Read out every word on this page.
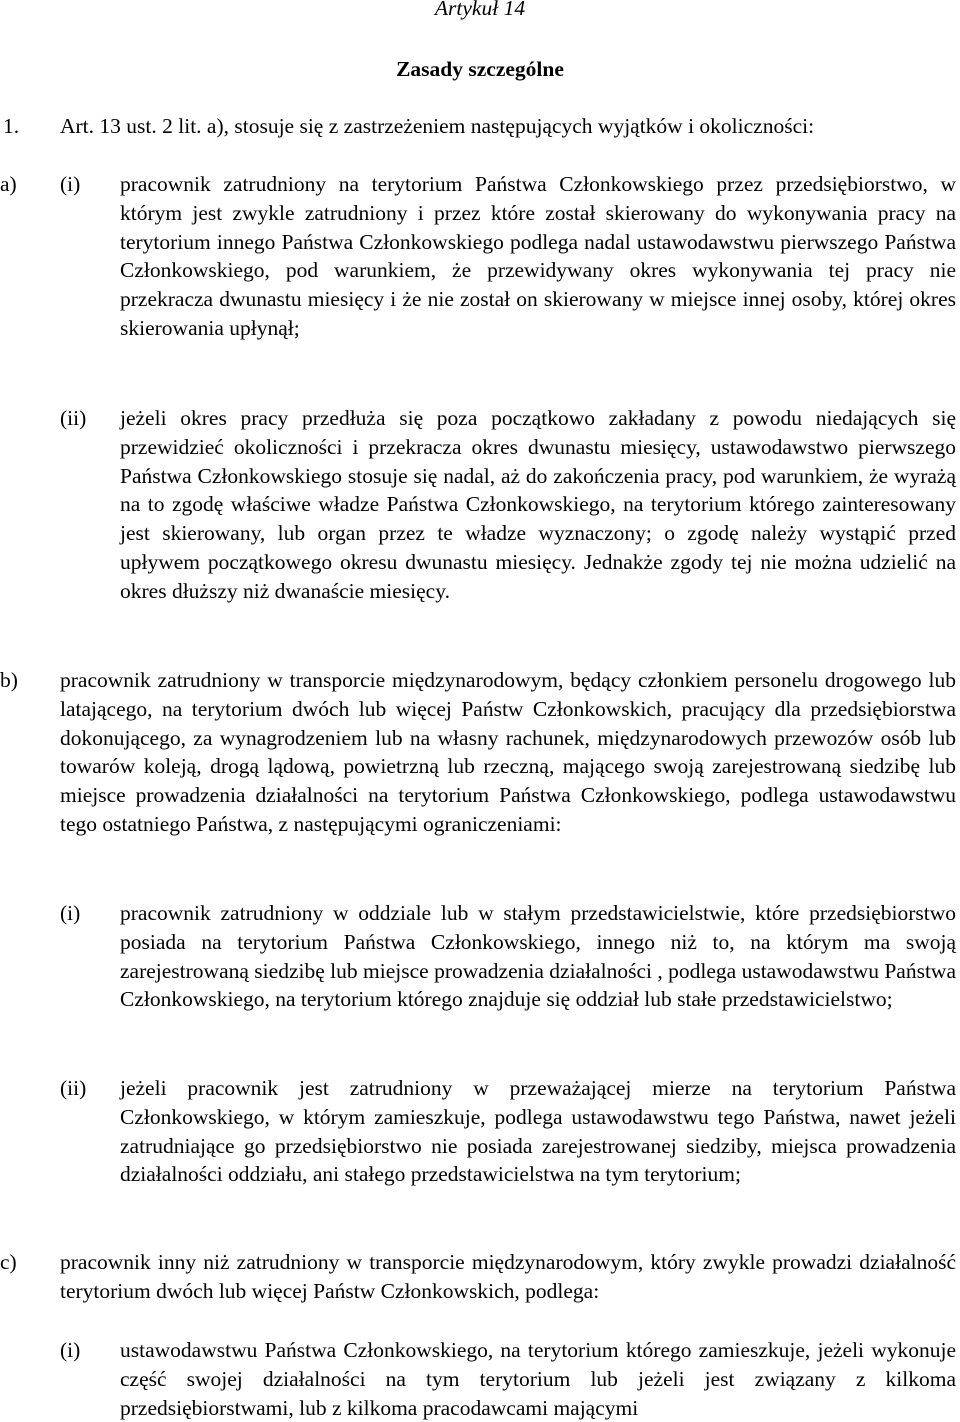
Artykuł 14
Zasady szczególne
1. Art. 13 ust. 2 lit. a), stosuje się z zastrzeżeniem następujących wyjątków i okoliczności:
a) (i) pracownik zatrudniony na terytorium Państwa Członkowskiego przez przedsiębiorstwo, w którym jest zwykle zatrudniony i przez które został skierowany do wykonywania pracy na terytorium innego Państwa Członkowskiego podlega nadal ustawodawstwu pierwszego Państwa Członkowskiego, pod warunkiem, że przewidywany okres wykonywania tej pracy nie przekracza dwunastu miesięcy i że nie został on skierowany w miejsce innej osoby, której okres skierowania upłynął;

(ii) jeżeli okres pracy przedłuża się poza początkowo zakładany z powodu niedających się przewidzieć okoliczności i przekracza okres dwunastu miesięcy, ustawodawstwo pierwszego Państwa Członkowskiego stosuje się nadal, aż do zakończenia pracy, pod warunkiem, że wyrażą na to zgodę właściwe władze Państwa Członkowskiego, na terytorium którego zainteresowany jest skierowany, lub organ przez te władze wyznaczony; o zgodę należy wystąpić przed upływem początkowego okresu dwunastu miesięcy. Jednakże zgody tej nie można udzielić na okres dłuższy niż dwanaście miesięcy.

b) pracownik zatrudniony w transporcie międzynarodowym, będący członkiem personelu drogowego lub latającego, na terytorium dwóch lub więcej Państw Członkowskich, pracujący dla przedsiębiorstwa dokonującego, za wynagrodzeniem lub na własny rachunek, międzynarodowych przewozów osób lub towarów koleją, drogą lądową, powietrzną lub rzeczną, mającego swoją zarejestrowaną siedzibę lub miejsce prowadzenia działalności na terytorium Państwa Członkowskiego, podlega ustawodawstwu tego ostatniego Państwa, z następującymi ograniczeniami:

(i) pracownik zatrudniony w oddziale lub w stałym przedstawicielstwie, które przedsiębiorstwo posiada na terytorium Państwa Członkowskiego, innego niż to, na którym ma swoją zarejestrowaną siedzibę lub miejsce prowadzenia działalności , podlega ustawodawstwu Państwa Członkowskiego, na terytorium którego znajduje się oddział lub stałe przedstawicielstwo;

(ii) jeżeli pracownik jest zatrudniony w przeważającej mierze na terytorium Państwa Członkowskiego, w którym zamieszkuje, podlega ustawodawstwu tego Państwa, nawet jeżeli zatrudniające go przedsiębiorstwo nie posiada zarejestrowanej siedziby, miejsca prowadzenia działalności oddziału, ani stałego przedstawicielstwa na tym terytorium;

c) pracownik inny niż zatrudniony w transporcie międzynarodowym, który zwykle prowadzi działalność terytorium dwóch lub więcej Państw Członkowskich, podlega:

(i) ustawodawstwu Państwa Członkowskiego, na terytorium którego zamieszkuje, jeżeli wykonuje część swojej działalności na tym terytorium lub jeżeli jest związany z kilkoma przedsiębiorstwami, lub z kilkoma pracodawcami mającymi
